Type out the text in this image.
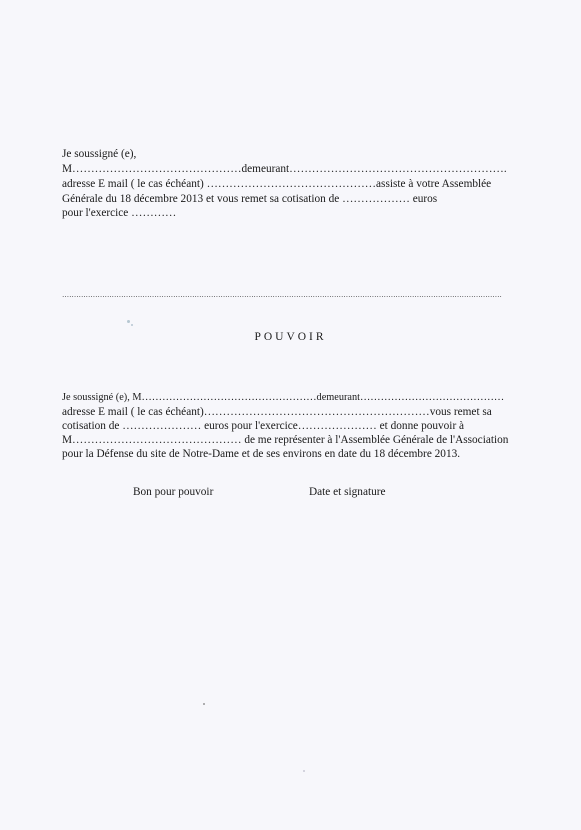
Je soussigné (e),
M………………………………………demeurant………………………………………………….
adresse E mail ( le cas échéant) ………………………………………assiste à votre Assemblée
Générale du 18 décembre 2013 et vous remet sa cotisation de ……………… euros
pour l'exercice …………
……………………………………………………………………………………………………………………………………………………………………
POUVOIR
Je soussigné (e), M……………………………………………demeurant……………………………………
adresse E mail ( le cas échéant)……………………………………………………vous remet sa
cotisation de ………………… euros pour l'exercice………………… et donne pouvoir à
M……………………………………… de me représenter à l'Assemblée Générale de l'Association
pour la Défense du site de Notre-Dame et de ses environs en date du 18 décembre 2013.
Bon pour pouvoir	Date et signature
